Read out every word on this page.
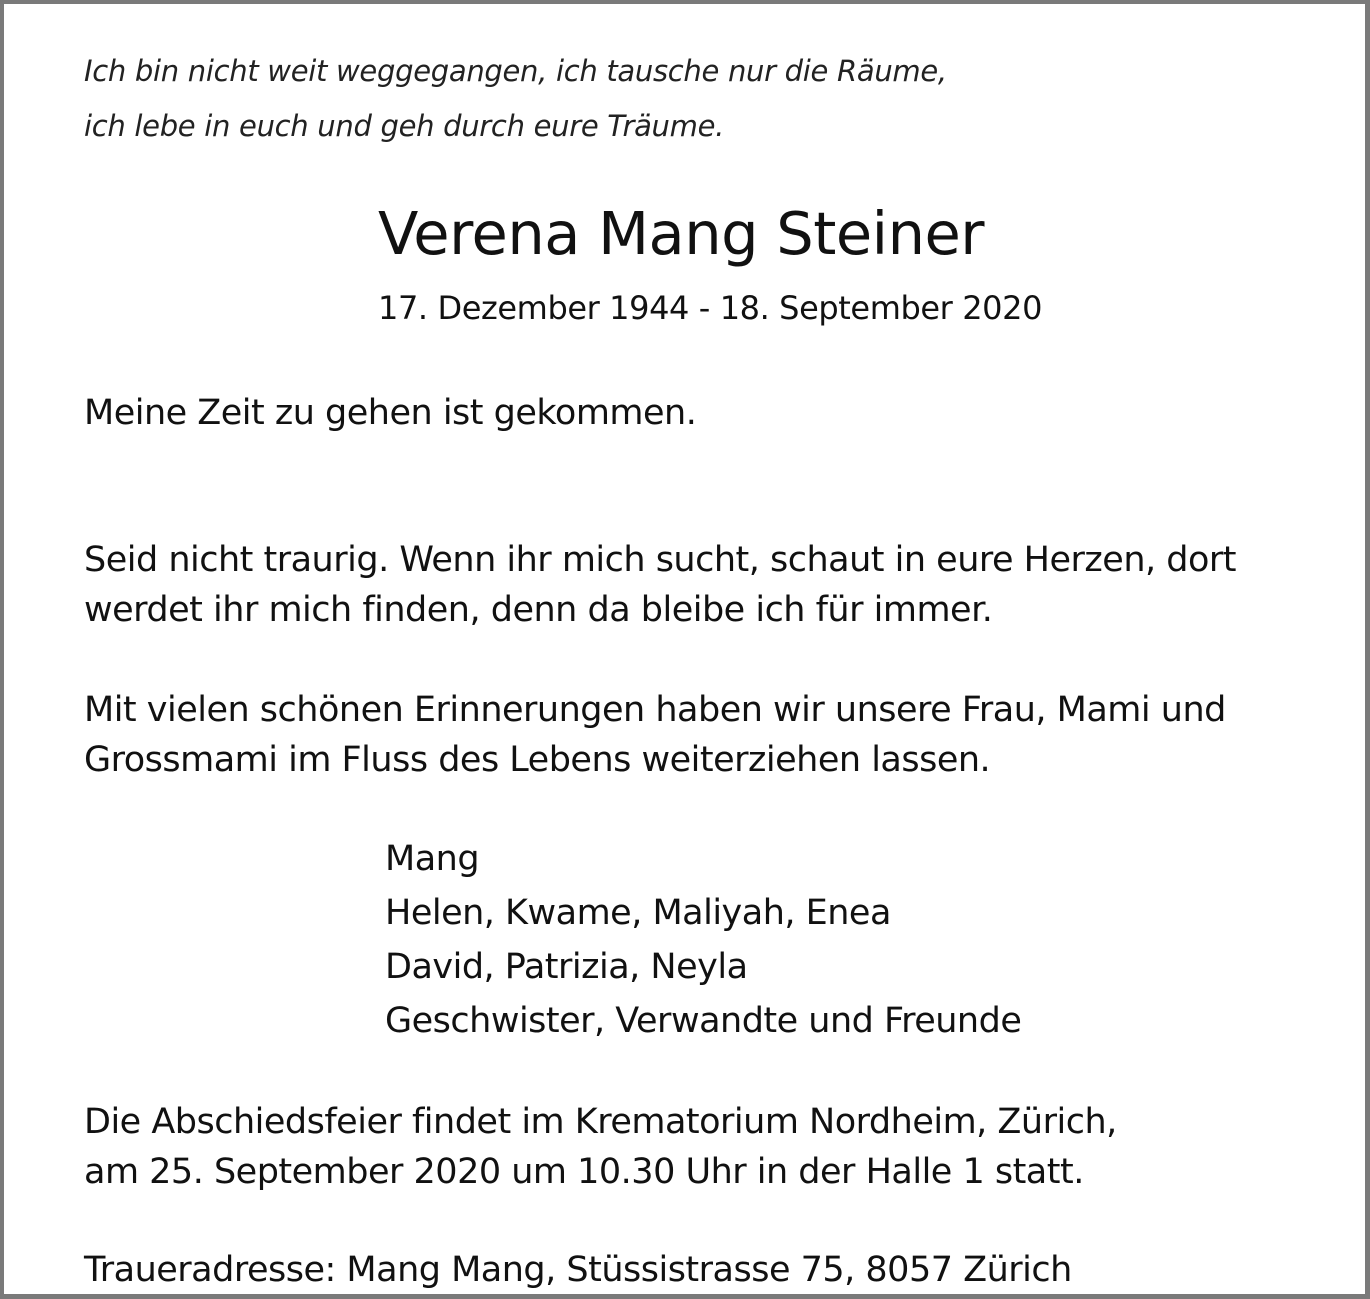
Ich bin nicht weit weggegangen, ich tausche nur die Räume,
ich lebe in euch und geh durch eure Träume.
Verena Mang Steiner
17. Dezember 1944 - 18. September 2020
Meine Zeit zu gehen ist gekommen.
Seid nicht traurig. Wenn ihr mich sucht, schaut in eure Herzen, dort
werdet ihr mich finden, denn da bleibe ich für immer.
Mit vielen schönen Erinnerungen haben wir unsere Frau, Mami und
Grossmami im Fluss des Lebens weiterziehen lassen.
Mang
Helen, Kwame, Maliyah, Enea
David, Patrizia, Neyla
Geschwister, Verwandte und Freunde
Die Abschiedsfeier findet im Krematorium Nordheim, Zürich,
am 25. September 2020 um 10.30 Uhr in der Halle 1 statt.
Traueradresse: Mang Mang, Stüssistrasse 75, 8057 Zürich
